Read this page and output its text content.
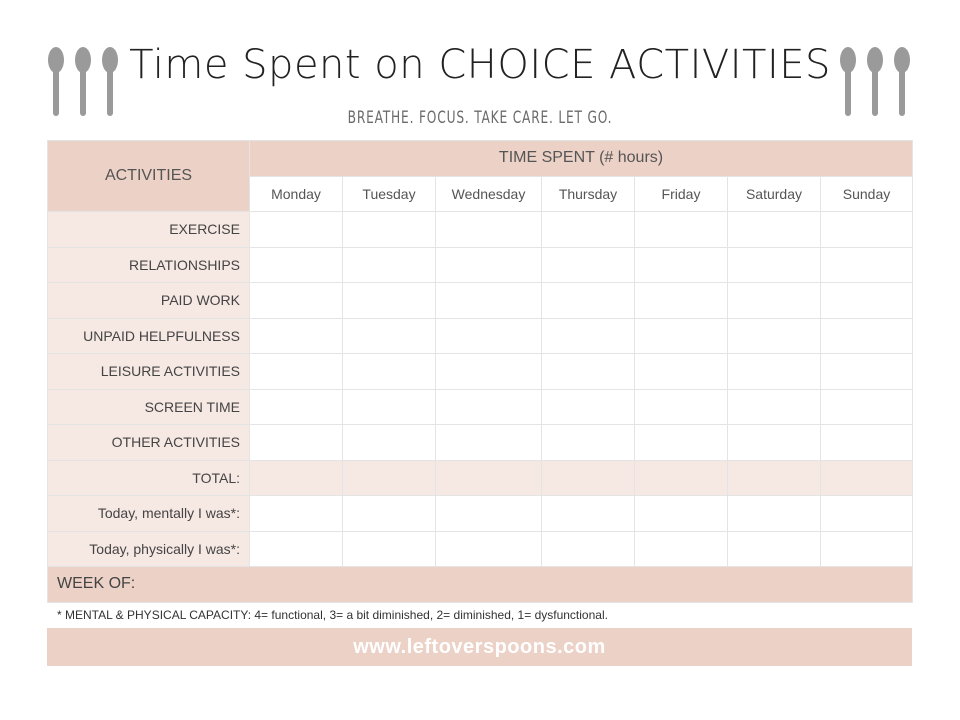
Time Spent on CHOICE ACTIVITIES
BREATHE. FOCUS. TAKE CARE. LET GO.
ACTIVITIES	TIME SPENT (# hours)						
	Monday	Tuesday	Wednesday	Thursday	Friday	Saturday	Sunday
EXERCISE							
RELATIONSHIPS							
PAID WORK							
UNPAID HELPFULNESS							
LEISURE ACTIVITIES							
SCREEN TIME							
OTHER ACTIVITIES							
TOTAL:							
Today, mentally I was*:							
Today, physically I was*:							
WEEK OF:							
* MENTAL & PHYSICAL CAPACITY: 4= functional, 3= a bit diminished, 2= diminished, 1= dysfunctional.
www.leftoverspoons.com
